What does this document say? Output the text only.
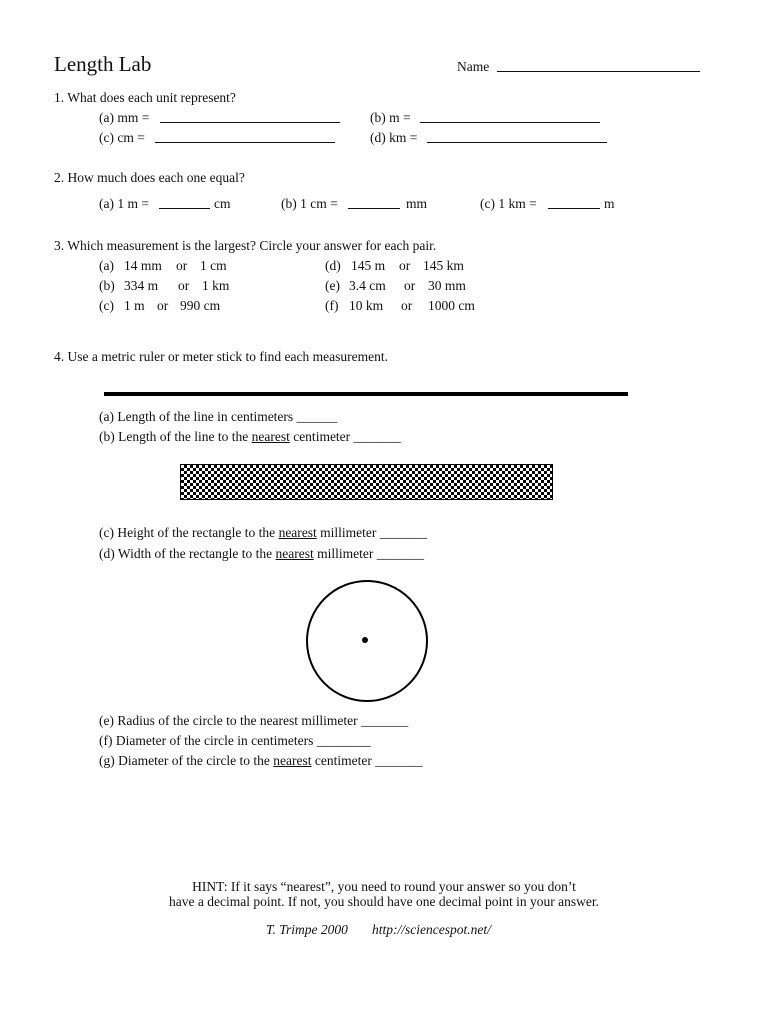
Length Lab	Name
1. What does each unit represent?
(a) mm =	(b) m =
(c) cm =	(d) km =
2. How much does each one equal?
(a) 1 m =	cm	(b) 1 cm =	mm	(c) 1 km =	m
3. Which measurement is the largest? Circle your answer for each pair.
(a) 14 mm or 1 cm
(b) 334 m or 1 km
(c) 1 m or 990 cm
(d) 145 m or 145 km
(e) 3.4 cm or 30 mm
(f) 10 km or 1000 cm
4. Use a metric ruler or meter stick to find each measurement.
(a) Length of the line in centimeters ______
(b) Length of the line to the nearest centimeter _______
(c) Height of the rectangle to the nearest millimeter _______
(d) Width of the rectangle to the nearest millimeter _______
(e) Radius of the circle to the nearest millimeter _______
(f) Diameter of the circle in centimeters ________
(g) Diameter of the circle to the nearest centimeter _______
HINT: If it says “nearest”, you need to round your answer so you don’t
have a decimal point. If not, you should have one decimal point in your answer.
T. Trimpe 2000 http://sciencespot.net/
